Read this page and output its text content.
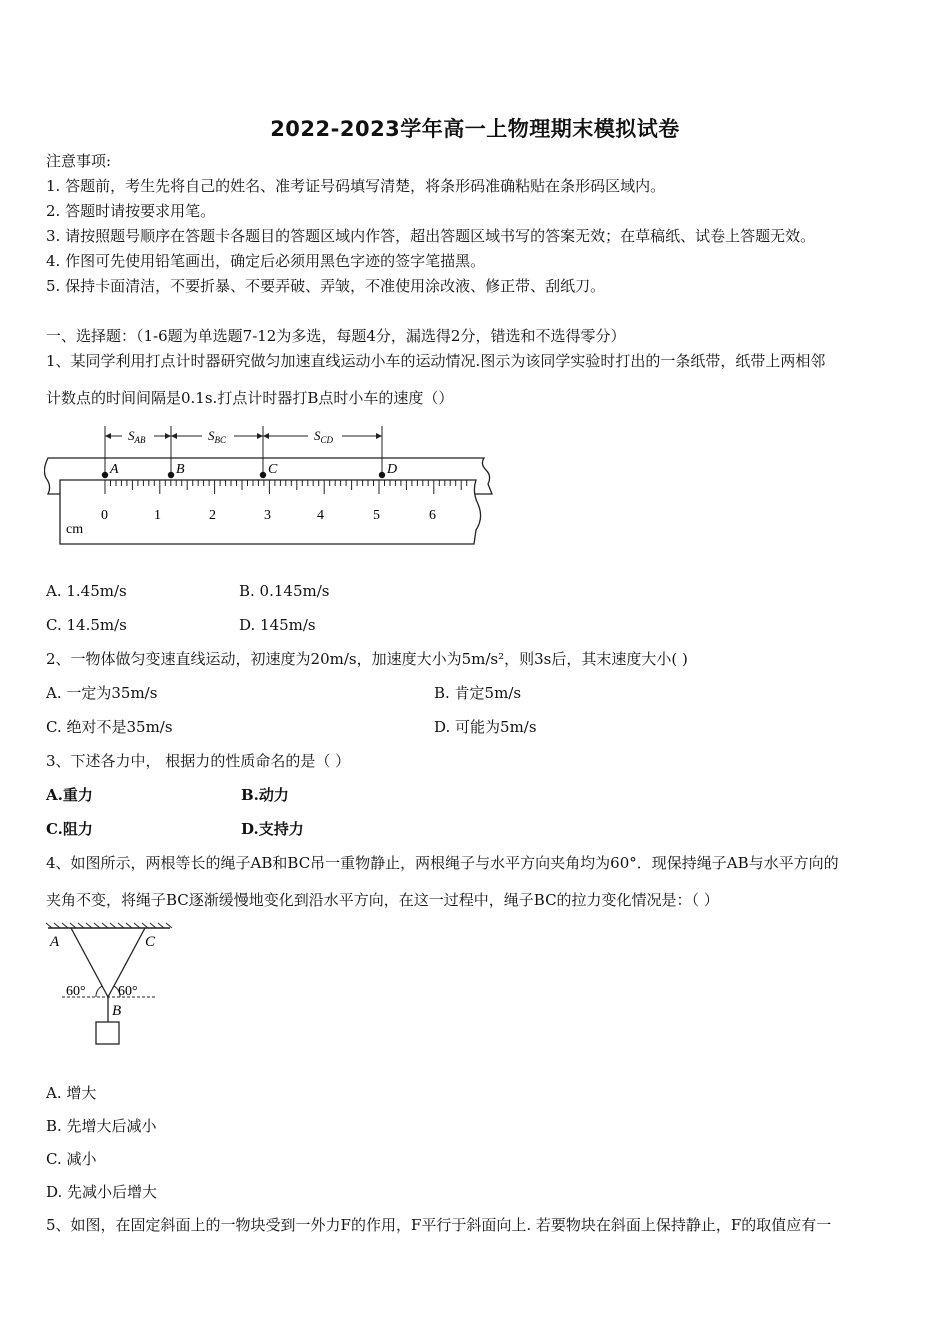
2022-2023学年高一上物理期末模拟试卷
注意事项:
1. 答题前，考生先将自己的姓名、准考证号码填写清楚，将条形码准确粘贴在条形码区域内。
2. 答题时请按要求用笔。
3. 请按照题号顺序在答题卡各题目的答题区域内作答，超出答题区域书写的答案无效；在草稿纸、试卷上答题无效。
4. 作图可先使用铅笔画出，确定后必须用黑色字迹的签字笔描黑。
5. 保持卡面清洁，不要折暴、不要弄破、弄皱，不准使用涂改液、修正带、刮纸刀。
一、选择题：（1-6题为单选题7-12为多选，每题4分，漏选得2分，错选和不选得零分）
1、某同学利用打点计时器研究做匀加速直线运动小车的运动情况.图示为该同学实验时打出的一条纸带，纸带上两相邻
计数点的时间间隔是0.1s.打点计时器打B点时小车的速度（）
$S_{AB}$	$S_{BC}$	$S_{CD}$
A	B	C	D
0	1	2	3	4	5	6
cm
A. 1.45m/s	B. 0.145m/s
C. 14.5m/s	D. 145m/s
2、一物体做匀变速直线运动，初速度为20m/s，加速度大小为5m/s²，则3s后，其末速度大小( )
A. 一定为35m/s	B. 肯定5m/s
C. 绝对不是35m/s	D. 可能为5m/s
3、下述各力中， 根据力的性质命名的是（ ）
A.重力	B.动力
C.阻力	D.支持力
4、如图所示，两根等长的绳子AB和BC吊一重物静止，两根绳子与水平方向夹角均为60°．现保持绳子AB与水平方向的
夹角不变，将绳子BC逐渐缓慢地变化到沿水平方向，在这一过程中，绳子BC的拉力变化情况是：（ ）
A	C
B
60° 60°
A. 增大
B. 先增大后减小
C. 减小
D. 先减小后增大
5、如图，在固定斜面上的一物块受到一外力F的作用，F平行于斜面向上. 若要物块在斜面上保持静止，F的取值应有一
